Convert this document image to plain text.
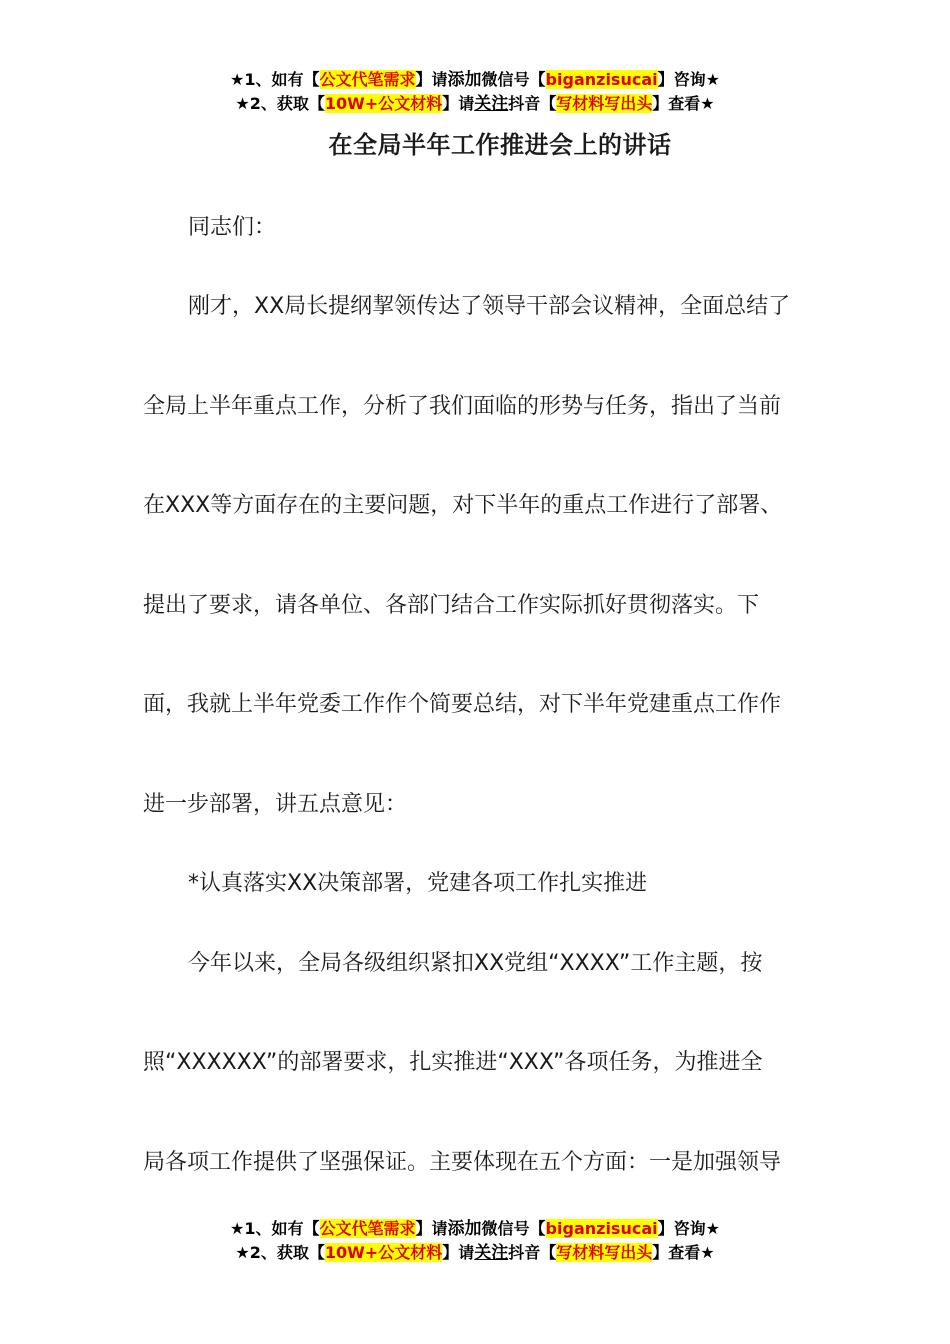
★1、如有【公文代笔需求】请添加微信号【biganzisucai】咨询★
★2、获取【10W+公文材料】请关注抖音【写材料写出头】查看★
在全局半年工作推进会上的讲话
同志们：
刚才，XX局长提纲挈领传达了领导干部会议精神，全面总结了
全局上半年重点工作，分析了我们面临的形势与任务，指出了当前
在XXX等方面存在的主要问题，对下半年的重点工作进行了部署、
提出了要求，请各单位、各部门结合工作实际抓好贯彻落实。下
面，我就上半年党委工作作个简要总结，对下半年党建重点工作作
进一步部署，讲五点意见：
*认真落实XX决策部署，党建各项工作扎实推进
今年以来，全局各级组织紧扣XX党组“XXXX”工作主题，按
照“XXXXXX”的部署要求，扎实推进“XXX”各项任务，为推进全
局各项工作提供了坚强保证。主要体现在五个方面：一是加强领导
★1、如有【公文代笔需求】请添加微信号【biganzisucai】咨询★
★2、获取【10W+公文材料】请关注抖音【写材料写出头】查看★
